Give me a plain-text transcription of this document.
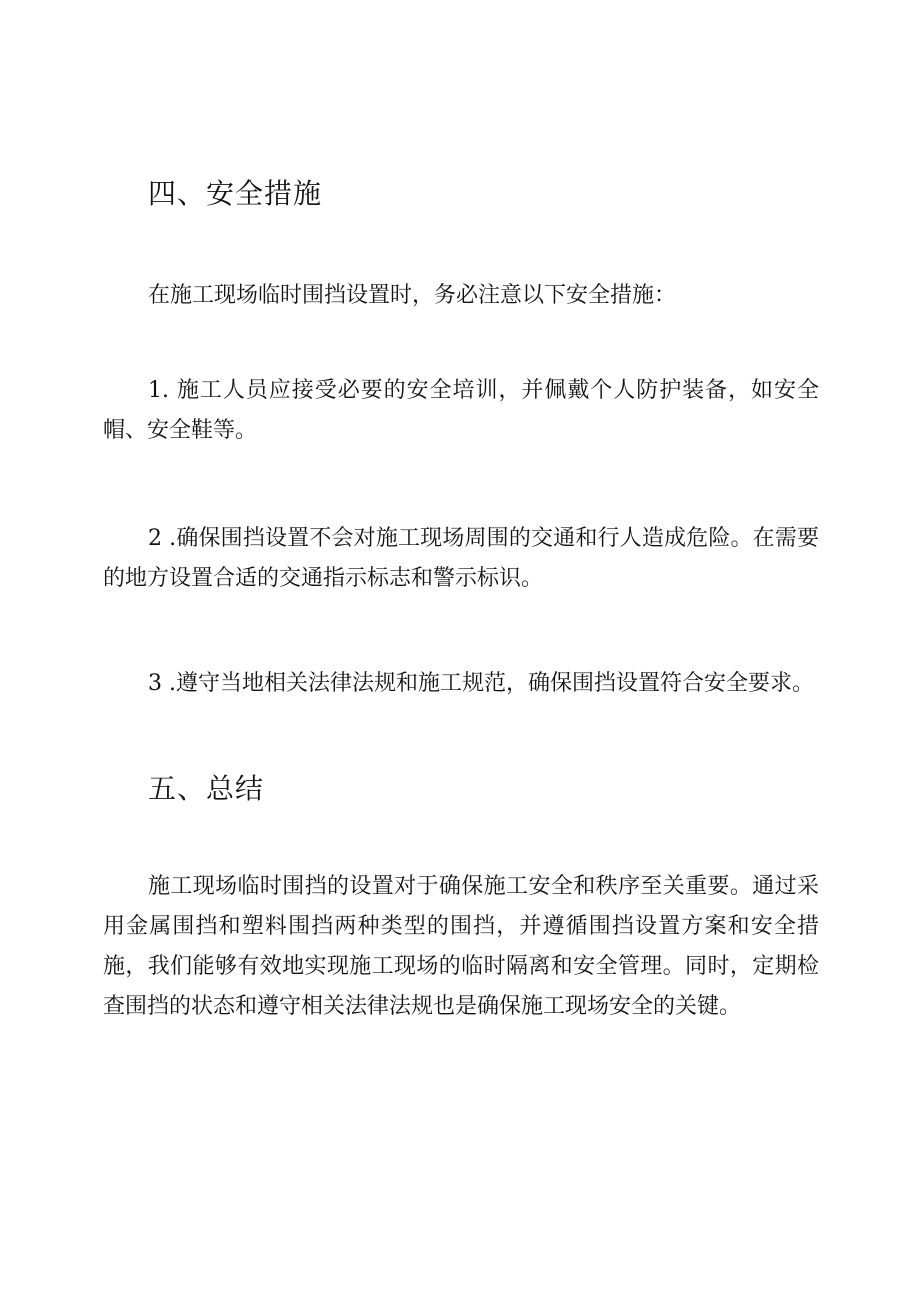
四、安全措施

在施工现场临时围挡设置时，务必注意以下安全措施：

1. 施工人员应接受必要的安全培训，并佩戴个人防护装备，如安全帽、安全鞋等。

2 .确保围挡设置不会对施工现场周围的交通和行人造成危险。在需要的地方设置合适的交通指示标志和警示标识。

3 .遵守当地相关法律法规和施工规范，确保围挡设置符合安全要求。

五、总结

施工现场临时围挡的设置对于确保施工安全和秩序至关重要。通过采用金属围挡和塑料围挡两种类型的围挡，并遵循围挡设置方案和安全措施，我们能够有效地实现施工现场的临时隔离和安全管理。同时，定期检查围挡的状态和遵守相关法律法规也是确保施工现场安全的关键。
